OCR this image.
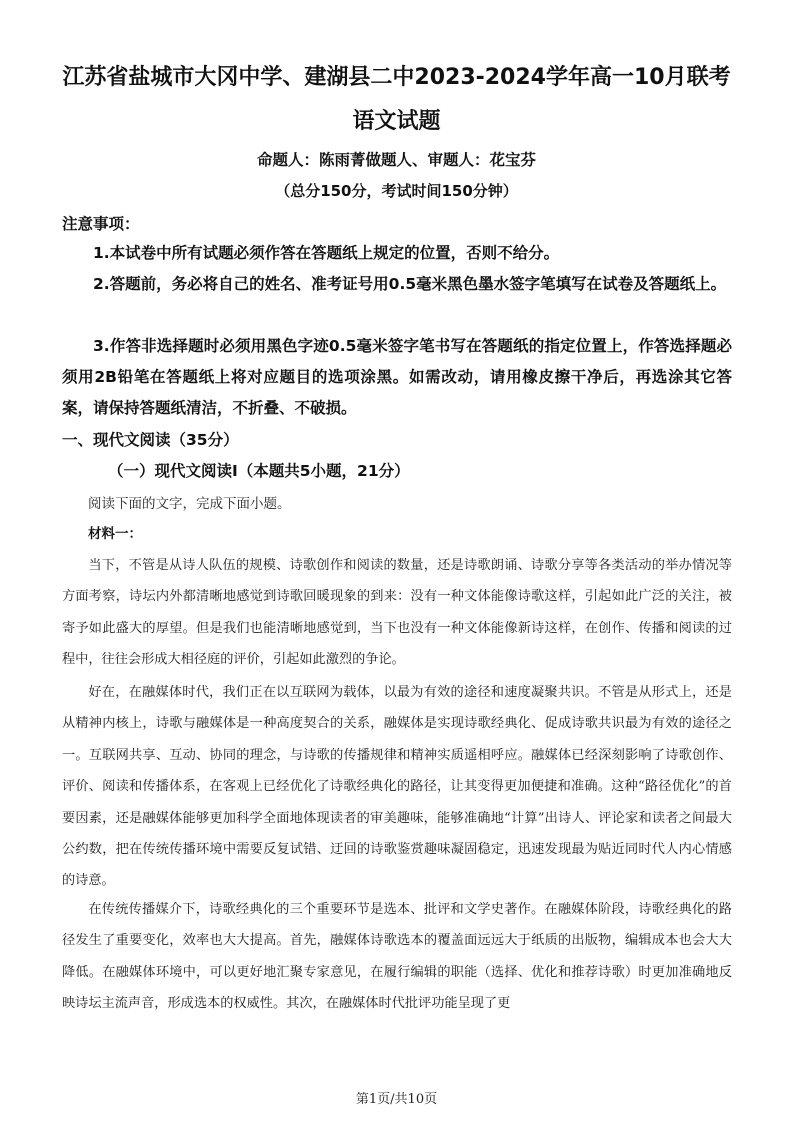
江苏省盐城市大冈中学、建湖县二中2023-2024学年高一10月联考
语文试题
命题人：陈雨菁做题人、审题人：花宝芬
（总分150分，考试时间150分钟）
注意事项：

1.本试卷中所有试题必须作答在答题纸上规定的位置，否则不给分。

2.答题前，务必将自己的姓名、准考证号用0.5毫米黑色墨水签字笔填写在试卷及答题纸上。

3.作答非选择题时必须用黑色字迹0.5毫米签字笔书写在答题纸的指定位置上，作答选择题必须用2B铅笔在答题纸上将对应题目的选项涂黑。如需改动，请用橡皮擦干净后，再选涂其它答案，请保持答题纸清洁，不折叠、不破损。

一、现代文阅读（35分）
（一）现代文阅读Ⅰ（本题共5小题，21分）
阅读下面的文字，完成下面小题。
材料一：

当下，不管是从诗人队伍的规模、诗歌创作和阅读的数量，还是诗歌朗诵、诗歌分享等各类活动的举办情况等方面考察，诗坛内外都清晰地感觉到诗歌回暖现象的到来：没有一种文体能像诗歌这样，引起如此广泛的关注，被寄予如此盛大的厚望。但是我们也能清晰地感觉到，当下也没有一种文体能像新诗这样，在创作、传播和阅读的过程中，往往会形成大相径庭的评价，引起如此激烈的争论。

好在，在融媒体时代，我们正在以互联网为载体，以最为有效的途径和速度凝聚共识。不管是从形式上，还是从精神内核上，诗歌与融媒体是一种高度契合的关系，融媒体是实现诗歌经典化、促成诗歌共识最为有效的途径之一。互联网共享、互动、协同的理念，与诗歌的传播规律和精神实质遥相呼应。融媒体已经深刻影响了诗歌创作、评价、阅读和传播体系，在客观上已经优化了诗歌经典化的路径，让其变得更加便捷和准确。这种“路径优化”的首要因素，还是融媒体能够更加科学全面地体现读者的审美趣味，能够准确地“计算”出诗人、评论家和读者之间最大公约数，把在传统传播环境中需要反复试错、迂回的诗歌鉴赏趣味凝固稳定，迅速发现最为贴近同时代人内心情感的诗意。

在传统传播媒介下，诗歌经典化的三个重要环节是选本、批评和文学史著作。在融媒体阶段，诗歌经典化的路径发生了重要变化，效率也大大提高。首先，融媒体诗歌选本的覆盖面远远大于纸质的出版物，编辑成本也会大大降低。在融媒体环境中，可以更好地汇聚专家意见，在履行编辑的职能（选择、优化和推荐诗歌）时更加准确地反映诗坛主流声音，形成选本的权威性。其次，在融媒体时代批评功能呈现了更

第1页/共10页
